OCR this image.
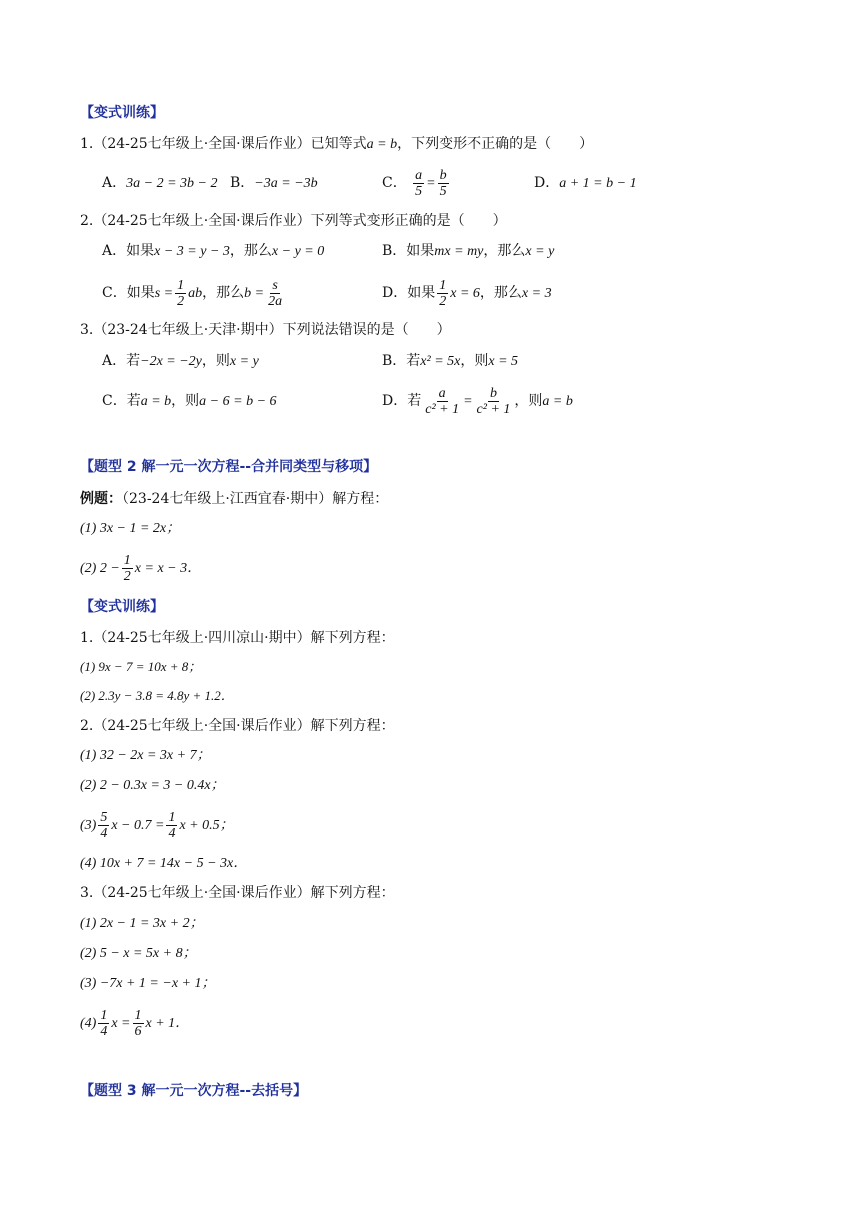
【变式训练】
1.（24-25七年级上·全国·课后作业）已知等式a = b，下列变形不正确的是（　　）
A．3a − 2 = 3b − 2 B．−3a = −3b	C． $\frac{a}{5} = \frac{b}{5}$	D．a + 1 = b − 1
2.（24-25七年级上·全国·课后作业）下列等式变形正确的是（　　）
A．如果x − 3 = y − 3，那么x − y = 0	B．如果mx = my，那么x = y
C．如果$s = \frac{1}{2}$ ab，那么$b = \frac{s}{2a}$	D．如果 $\frac{1}{2}$ x = 6，那么x = 3
3.（23-24七年级上·天津·期中）下列说法错误的是（　　）
A．若−2x = −2y，则x = y	B．若x² = 5x，则x = 5
C．若a = b，则a − 6 = b − 6	D．若 $\frac{a}{\text{c² + 1}} = \frac{b}{\text{c² + 1}}$ ，则a = b
【题型 2 解一元一次方程--合并同类型与移项】
例题：（23-24七年级上·江西宜春·期中）解方程：
(1) 3x − 1 = 2x；
(2) $2 - \frac{1}{2}$ x = x − 3．
【变式训练】
1.（24-25七年级上·四川凉山·期中）解下列方程：
(1) 9x − 7 = 10x + 8；
(2) 2.3y − 3.8 = 4.8y + 1.2．
2.（24-25七年级上·全国·课后作业）解下列方程：
(1) 32 − 2x = 3x + 7；
(2) 2 − 0.3x = 3 − 0.4x；
$(3) \frac{5}{4}$ $x - 0.7 = \frac{1}{4}$ x + 0.5；
(4) 10x + 7 = 14x − 5 − 3x．
3.（24-25七年级上·全国·课后作业）解下列方程：
(1) 2x − 1 = 3x + 2；
(2) 5 − x = 5x + 8；
(3) −7x + 1 = −x + 1；
$(4) \frac{1}{4}$ $x = \frac{1}{6}$ x + 1．
【题型 3 解一元一次方程--去括号】
